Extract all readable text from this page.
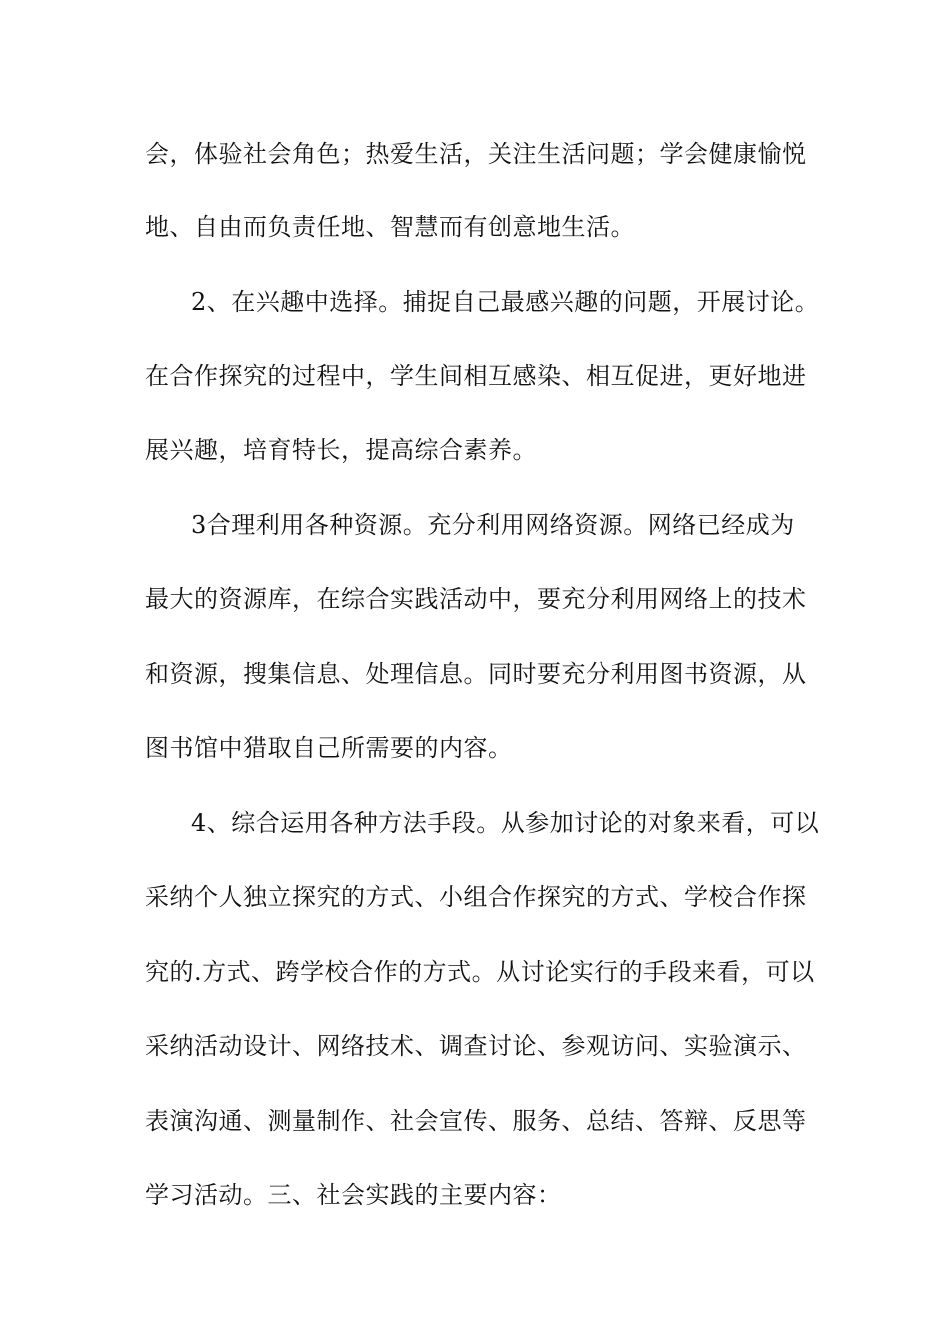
会，体验社会角色；热爱生活，关注生活问题；学会健康愉悦
地、自由而负责任地、智慧而有创意地生活。
2、在兴趣中选择。捕捉自己最感兴趣的问题，开展讨论。
在合作探究的过程中，学生间相互感染、相互促进，更好地进
展兴趣，培育特长，提高综合素养。
3合理利用各种资源。充分利用网络资源。网络已经成为
最大的资源库，在综合实践活动中，要充分利用网络上的技术
和资源，搜集信息、处理信息。同时要充分利用图书资源，从
图书馆中猎取自己所需要的内容。
4、综合运用各种方法手段。从参加讨论的对象来看，可以
采纳个人独立探究的方式、小组合作探究的方式、学校合作探
究的.方式、跨学校合作的方式。从讨论实行的手段来看，可以
采纳活动设计、网络技术、调查讨论、参观访问、实验演示、
表演沟通、测量制作、社会宣传、服务、总结、答辩、反思等
学习活动。三、社会实践的主要内容：
